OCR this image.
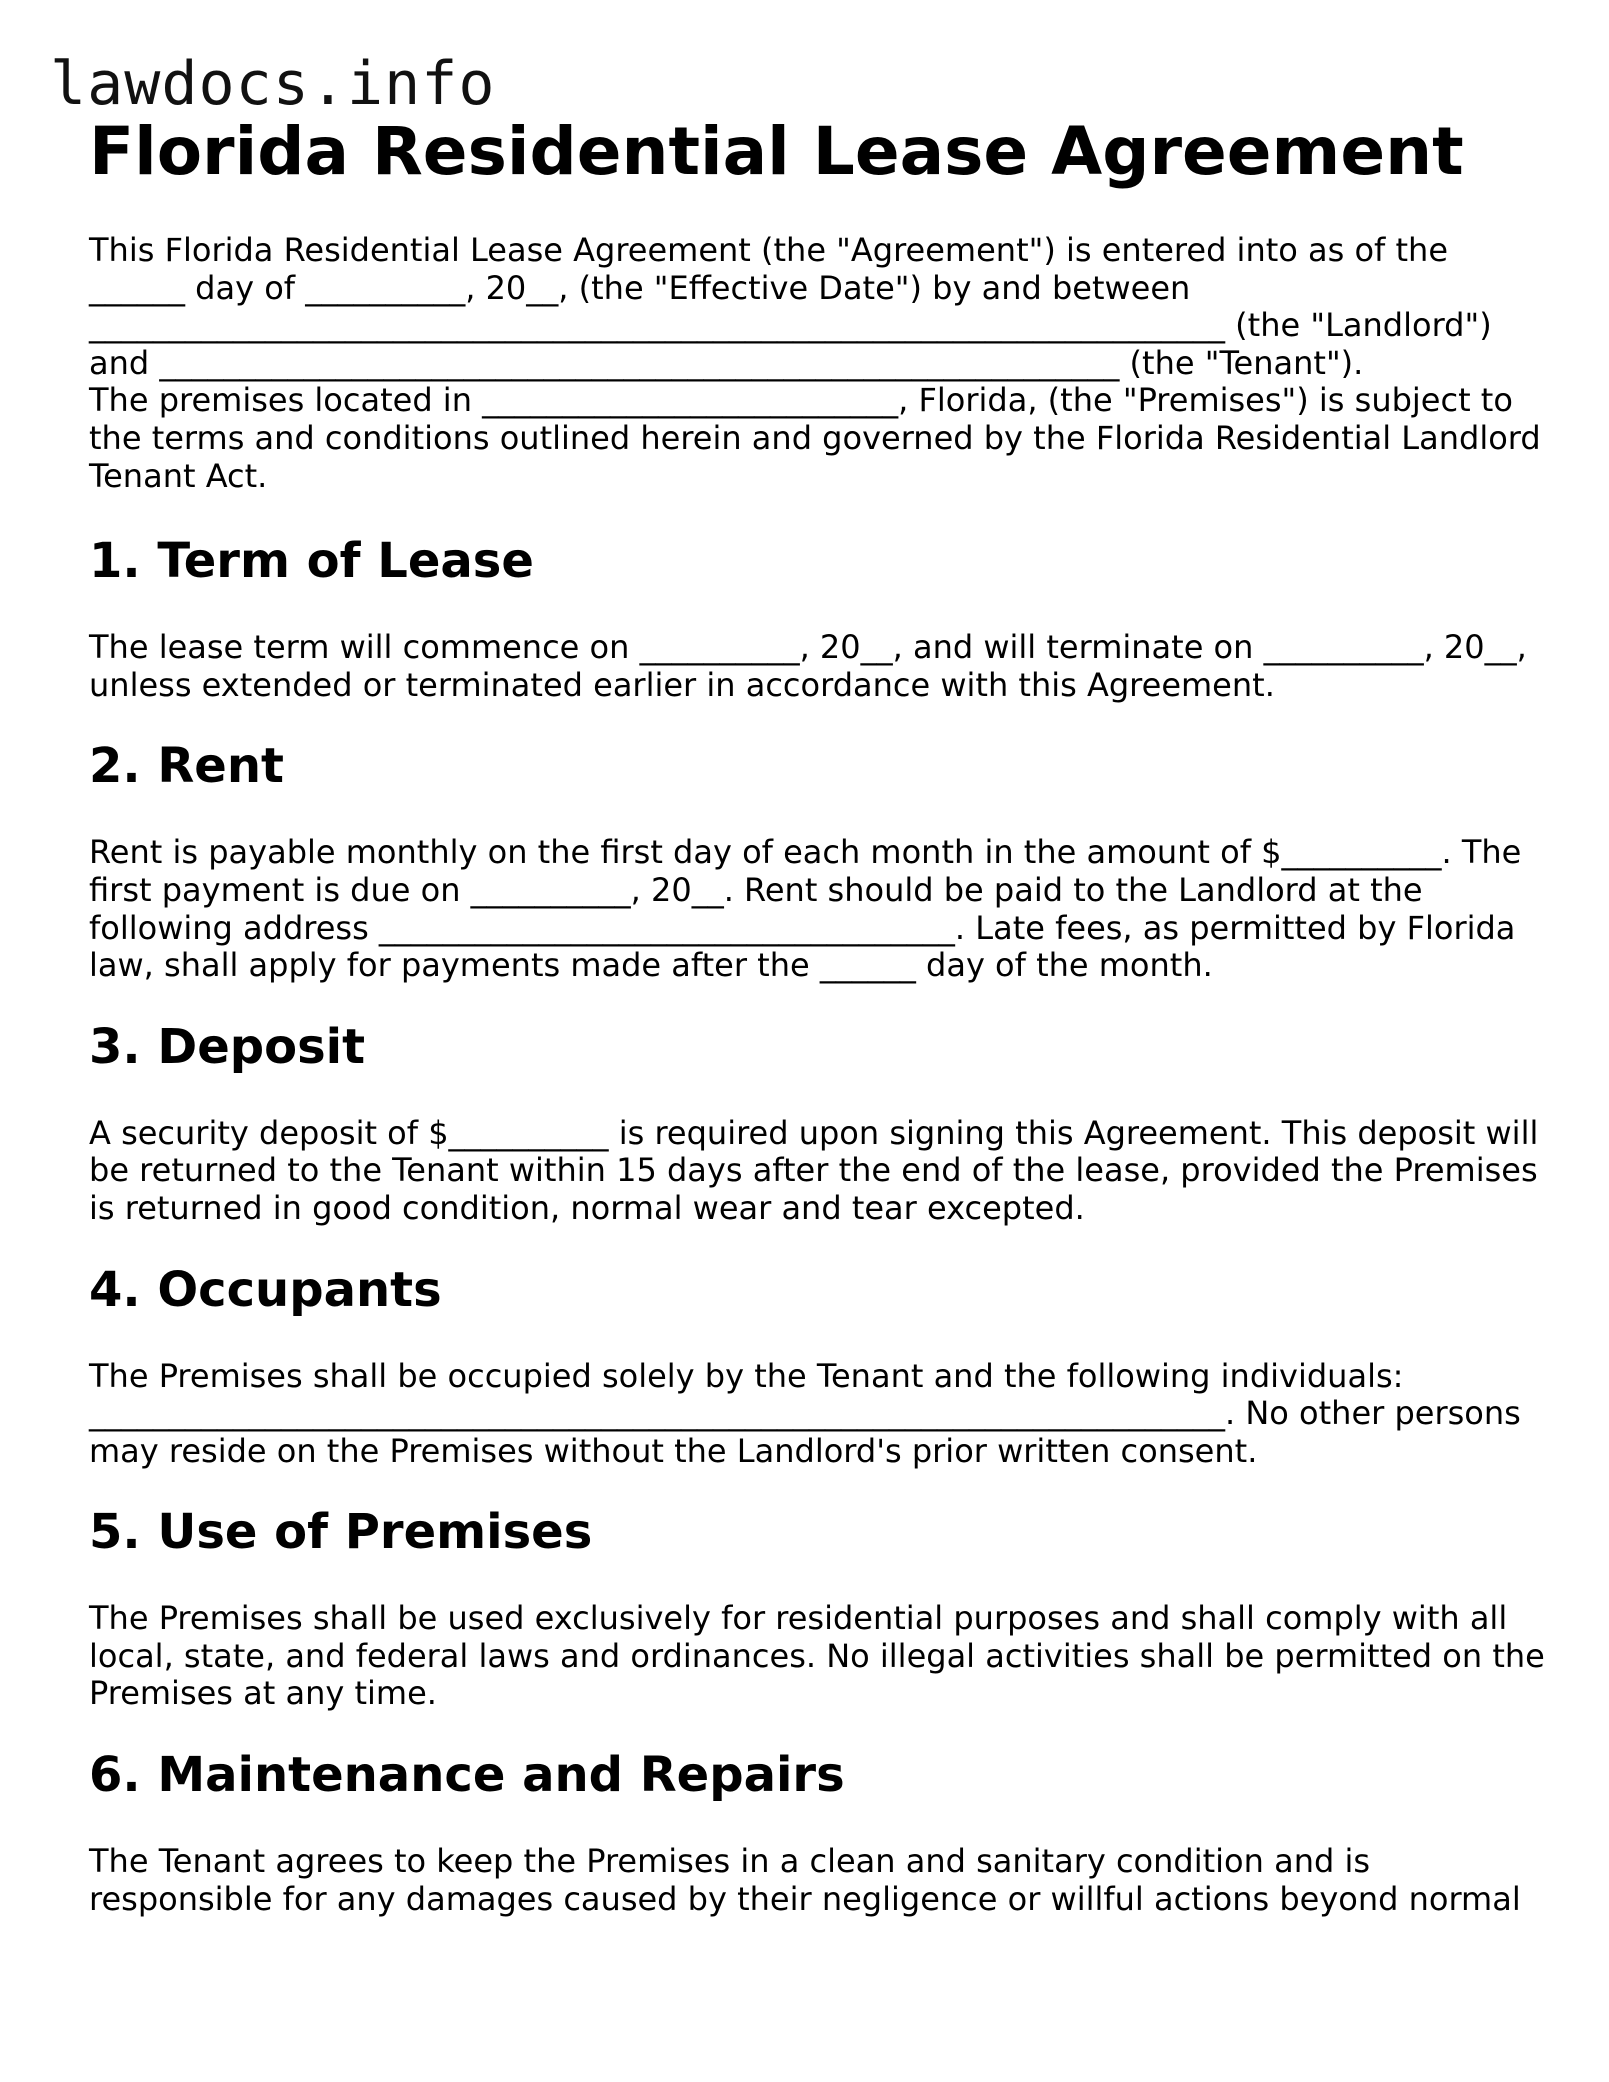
lawdocs.info
Florida Residential Lease Agreement

This Florida Residential Lease Agreement (the "Agreement") is entered into as of the
______ day of __________, 20__, (the "Effective Date") by and between
_______________________________________________________________________ (the "Landlord")
and ____________________________________________________________ (the "Tenant").
The premises located in __________________________, Florida, (the "Premises") is subject to
the terms and conditions outlined herein and governed by the Florida Residential Landlord
Tenant Act.

1. Term of Lease

The lease term will commence on __________, 20__, and will terminate on __________, 20__,
unless extended or terminated earlier in accordance with this Agreement.

2. Rent

Rent is payable monthly on the first day of each month in the amount of $__________. The
first payment is due on __________, 20__. Rent should be paid to the Landlord at the
following address ____________________________________. Late fees, as permitted by Florida
law, shall apply for payments made after the ______ day of the month.

3. Deposit

A security deposit of $__________ is required upon signing this Agreement. This deposit will
be returned to the Tenant within 15 days after the end of the lease, provided the Premises
is returned in good condition, normal wear and tear excepted.

4. Occupants

The Premises shall be occupied solely by the Tenant and the following individuals:
_______________________________________________________________________. No other persons
may reside on the Premises without the Landlord's prior written consent.

5. Use of Premises

The Premises shall be used exclusively for residential purposes and shall comply with all
local, state, and federal laws and ordinances. No illegal activities shall be permitted on the
Premises at any time.

6. Maintenance and Repairs

The Tenant agrees to keep the Premises in a clean and sanitary condition and is
responsible for any damages caused by their negligence or willful actions beyond normal
